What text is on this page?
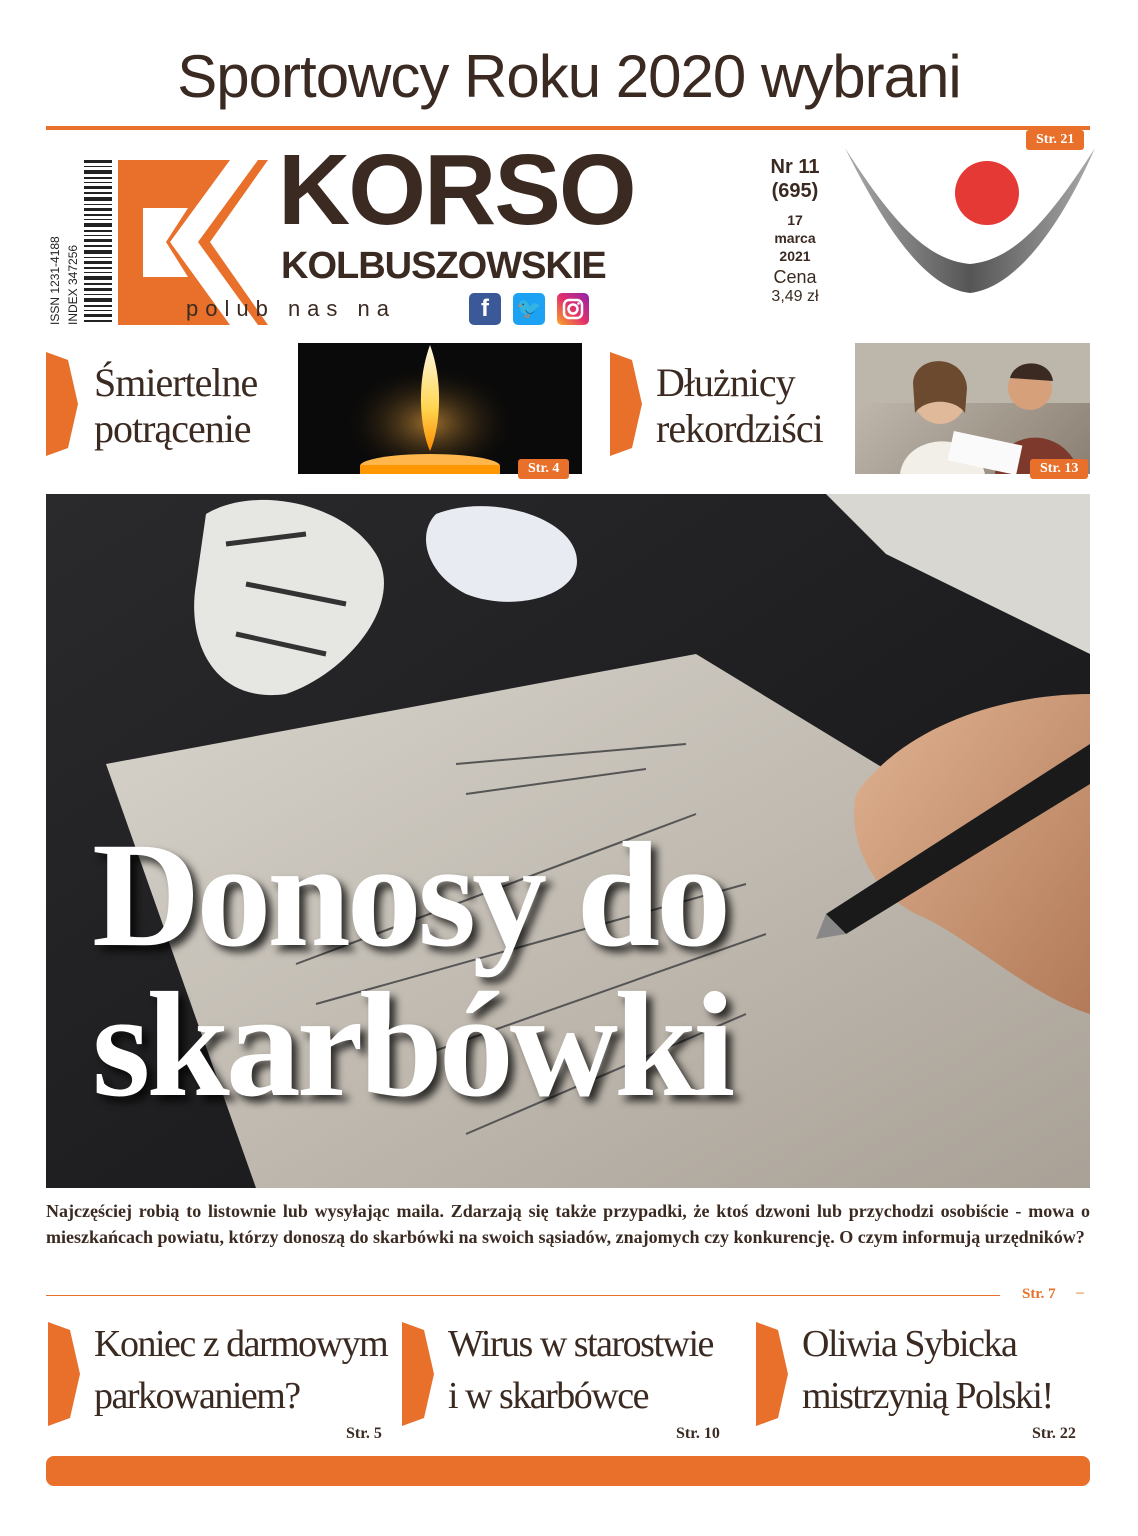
Sportowcy Roku 2020 wybrani
Str. 21
ISSN 1231-4188 INDEX 347256
KORSO
KOLBUSZOWSKIE
polub nas na	f	🐦
Nr 11
(695)
17
marca
2021
Cena
3,49 zł
Śmiertelne
potrącenie
Str. 4
Dłużnicy
rekordziści
Str. 13
Donosy do
skarbówki
Najczęściej robią to listownie lub wysyłając maila. Zdarzają się także przypadki, że ktoś dzwoni lub przychodzi osobiście - mowa o mieszkańcach powiatu, którzy donoszą do skarbówki na swoich sąsiadów, znajomych czy konkurencję. O czym informują urzędników?
Str. 7 –
Koniec z darmowym
parkowaniem?
Str. 5
Wirus w starostwie
i w skarbówce
Str. 10
Oliwia Sybicka
mistrzynią Polski!
Str. 22
